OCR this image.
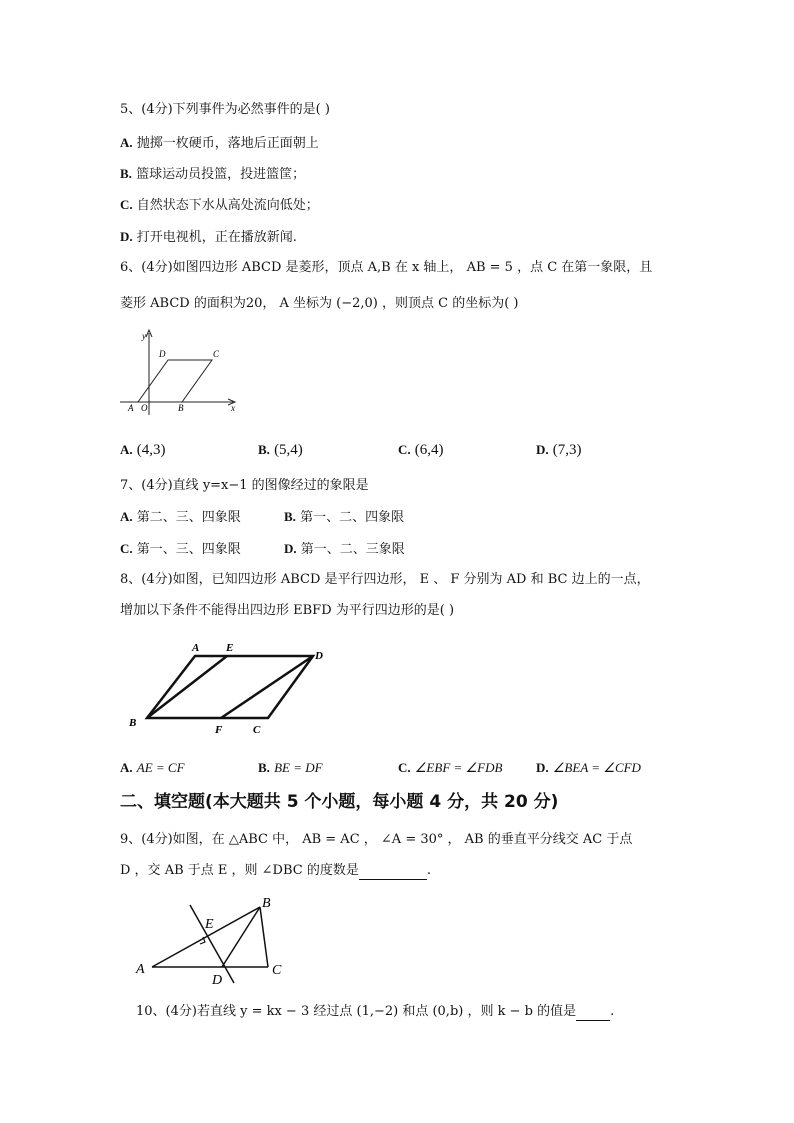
5、(4分)下列事件为必然事件的是( )
A. 抛掷一枚硬币，落地后正面朝上
B. 篮球运动员投篮，投进篮筐；
C. 自然状态下水从高处流向低处；
D. 打开电视机，正在播放新闻.
6、(4分)如图四边形 ABCD 是菱形，顶点 A,B 在 x 轴上， AB = 5 ，点 C 在第一象限，且
菱形 ABCD 的面积为20， A 坐标为 (−2,0) ，则顶点 C 的坐标为( )
y
D	C
A O	B	x
A. (4,3)	B. (5,4)	C. (6,4)	D. (7,3)
7、(4分)直线 y=x−1 的图像经过的象限是
A. 第二、三、四象限	B. 第一、二、四象限
C. 第一、三、四象限	D. 第一、二、三象限
8、(4分)如图，已知四边形 ABCD 是平行四边形， E 、 F 分别为 AD 和 BC 边上的一点，
增加以下条件不能得出四边形 EBFD 为平行四边形的是( )
A E
D
B
F	C
A. AE = CF	B. BE = DF	C. ∠EBF = ∠FDB	D. ∠BEA = ∠CFD
二、填空题(本大题共 5 个小题，每小题 4 分，共 20 分)
9、(4分)如图，在 △ABC 中， AB = AC ， ∠A = 30° ， AB 的垂直平分线交 AC 于点
D ，交 AB 于点 E ，则 ∠DBC 的度数是	.
B
E
A
D
C
10、(4分)若直线 y = kx − 3 经过点 (1,−2) 和点 (0,b) ，则 k − b 的值是	.
